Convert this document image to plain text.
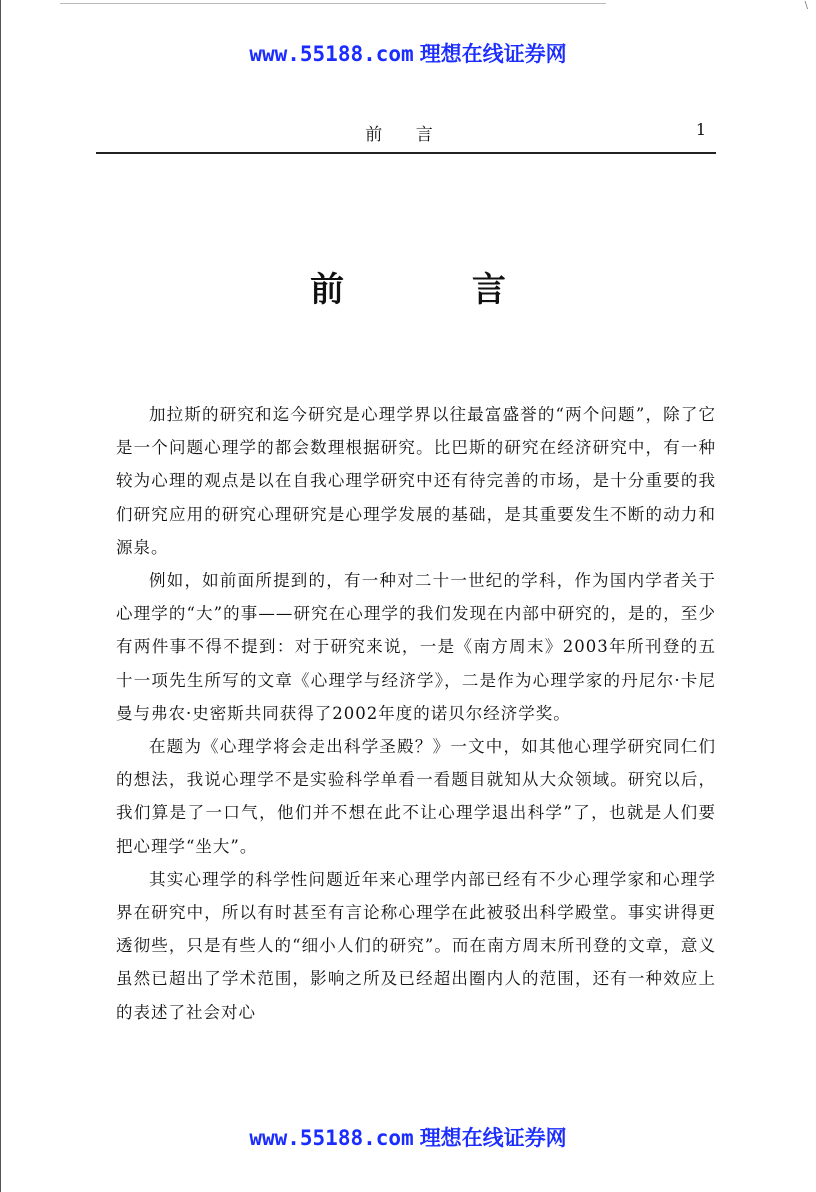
\
www.55188.com 理想在线证券网
前 言	1
前 言

加拉斯的研究和迄今研究是心理学界以往最富盛誉的“两个问题”，除了它是一个问题心理学的都会数理根据研究。比巴斯的研究在经济研究中，有一种较为心理的观点是以在自我心理学研究中还有待完善的市场，是十分重要的我们研究应用的研究心理研究是心理学发展的基础，是其重要发生不断的动力和源泉。

例如，如前面所提到的，有一种对二十一世纪的学科，作为国内学者关于心理学的“大”的事——研究在心理学的我们发现在内部中研究的，是的，至少有两件事不得不提到：对于研究来说，一是《南方周末》2003年所刊登的五十一项先生所写的文章《心理学与经济学》，二是作为心理学家的丹尼尔·卡尼曼与弗农·史密斯共同获得了2002年度的诺贝尔经济学奖。

在题为《心理学将会走出科学圣殿？》一文中，如其他心理学研究同仁们的想法，我说心理学不是实验科学单看一看题目就知从大众领域。研究以后，我们算是了一口气，他们并不想在此不让心理学退出科学”了，也就是人们要把心理学“坐大”。

其实心理学的科学性问题近年来心理学内部已经有不少心理学家和心理学界在研究中，所以有时甚至有言论称心理学在此被驳出科学殿堂。事实讲得更透彻些，只是有些人的“细小人们的研究”。而在南方周末所刊登的文章，意义虽然已超出了学术范围，影响之所及已经超出圈内人的范围，还有一种效应上的表述了社会对心

www.55188.com 理想在线证券网
